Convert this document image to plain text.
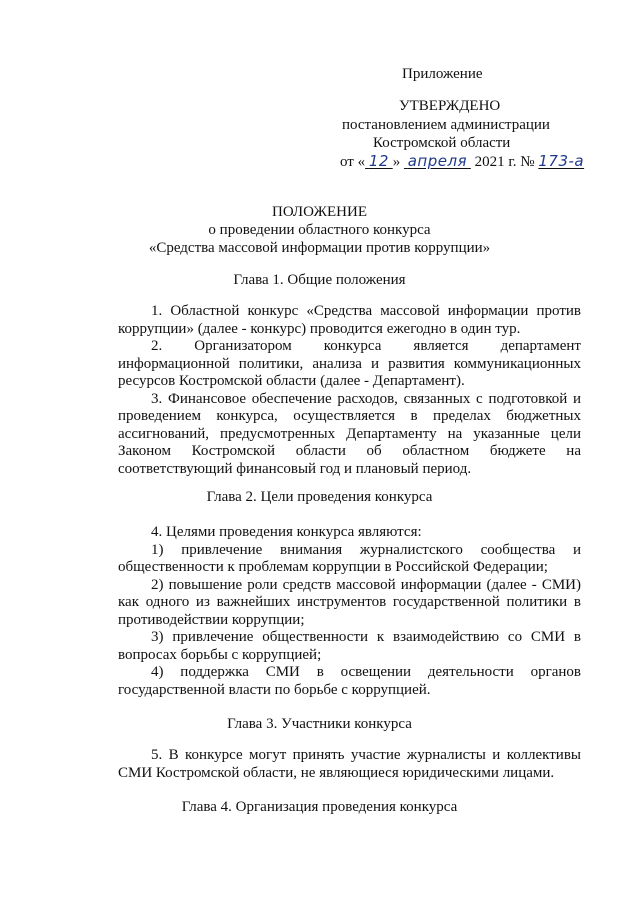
Приложение
УТВЕРЖДЕНО
постановлением администрации
Костромской области
от « 12 » апреля 2021 г. № 173-а
ПОЛОЖЕНИЕ
о проведении областного конкурса
«Средства массовой информации против коррупции»
Глава 1. Общие положения

1. Областной конкурс «Средства массовой информации против коррупции» (далее - конкурс) проводится ежегодно в один тур.

2. Организатором конкурса является департамент информационной политики, анализа и развития коммуникационных ресурсов Костромской области (далее - Департамент).

3. Финансовое обеспечение расходов, связанных с подготовкой и проведением конкурса, осуществляется в пределах бюджетных ассигнований, предусмотренных Департаменту на указанные цели Законом Костромской области об областном бюджете на соответствующий финансовый год и плановый период.

Глава 2. Цели проведения конкурса

4. Целями проведения конкурса являются:

1) привлечение внимания журналистского сообщества и общественности к проблемам коррупции в Российской Федерации;

2) повышение роли средств массовой информации (далее - СМИ) как одного из важнейших инструментов государственной политики в противодействии коррупции;

3) привлечение общественности к взаимодействию со СМИ в вопросах борьбы с коррупцией;

4) поддержка СМИ в освещении деятельности органов государственной власти по борьбе с коррупцией.

Глава 3. Участники конкурса

5. В конкурсе могут принять участие журналисты и коллективы СМИ Костромской области, не являющиеся юридическими лицами.

Глава 4. Организация проведения конкурса
